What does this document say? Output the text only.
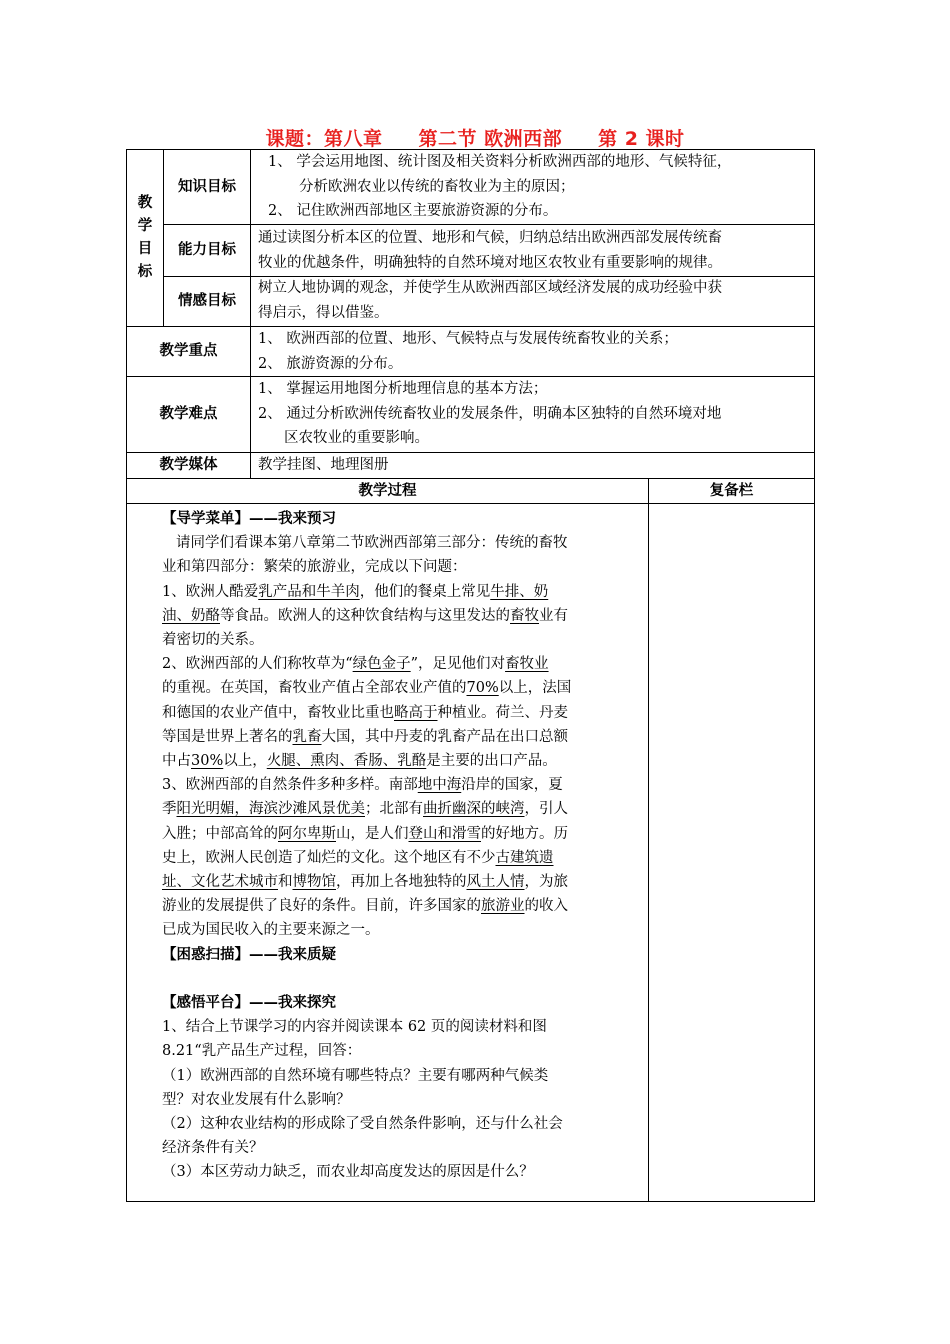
课题：第八章 第二节 欧洲西部 第 2 课时
教学目标
知识目标

1、 学会运用地图、统计图及相关资料分析欧洲西部的地形、气候特征，

分析欧洲农业以传统的畜牧业为主的原因；

2、 记住欧洲西部地区主要旅游资源的分布。

能力目标

通过读图分析本区的位置、地形和气候，归纳总结出欧洲西部发展传统畜

牧业的优越条件，明确独特的自然环境对地区农牧业有重要影响的规律。

情感目标

树立人地协调的观念，并使学生从欧洲西部区域经济发展的成功经验中获

得启示，得以借鉴。

教学重点

1、 欧洲西部的位置、地形、气候特点与发展传统畜牧业的关系；

2、 旅游资源的分布。

教学难点

1、 掌握运用地图分析地理信息的基本方法；

2、 通过分析欧洲传统畜牧业的发展条件，明确本区独特的自然环境对地

区农牧业的重要影响。

教学媒体	教学挂图、地理图册
教学过程	复备栏

【导学菜单】——我来预习

请同学们看课本第八章第二节欧洲西部第三部分：传统的畜牧

业和第四部分：繁荣的旅游业，完成以下问题：

1、欧洲人酷爱乳产品和牛羊肉，他们的餐桌上常见牛排、奶

油、奶酪等食品。欧洲人的这种饮食结构与这里发达的畜牧业有

着密切的关系。

2、欧洲西部的人们称牧草为“绿色金子”，足见他们对畜牧业

的重视。在英国，畜牧业产值占全部农业产值的70%以上，法国

和德国的农业产值中，畜牧业比重也略高于种植业。荷兰、丹麦

等国是世界上著名的乳畜大国，其中丹麦的乳畜产品在出口总额

中占30%以上，火腿、熏肉、香肠、乳酪是主要的出口产品。

3、欧洲西部的自然条件多种多样。南部地中海沿岸的国家，夏

季阳光明媚，海滨沙滩风景优美；北部有曲折幽深的峡湾，引人

入胜；中部高耸的阿尔卑斯山，是人们登山和滑雪的好地方。历

史上，欧洲人民创造了灿烂的文化。这个地区有不少古建筑遗

址、文化艺术城市和博物馆，再加上各地独特的风土人情，为旅

游业的发展提供了良好的条件。目前，许多国家的旅游业的收入

已成为国民收入的主要来源之一。

【困惑扫描】——我来质疑

【感悟平台】——我来探究

1、结合上节课学习的内容并阅读课本 62 页的阅读材料和图

8.21“乳产品生产过程，回答：

（1）欧洲西部的自然环境有哪些特点？主要有哪两种气候类

型？对农业发展有什么影响？

（2）这种农业结构的形成除了受自然条件影响，还与什么社会

经济条件有关？

（3）本区劳动力缺乏，而农业却高度发达的原因是什么？
